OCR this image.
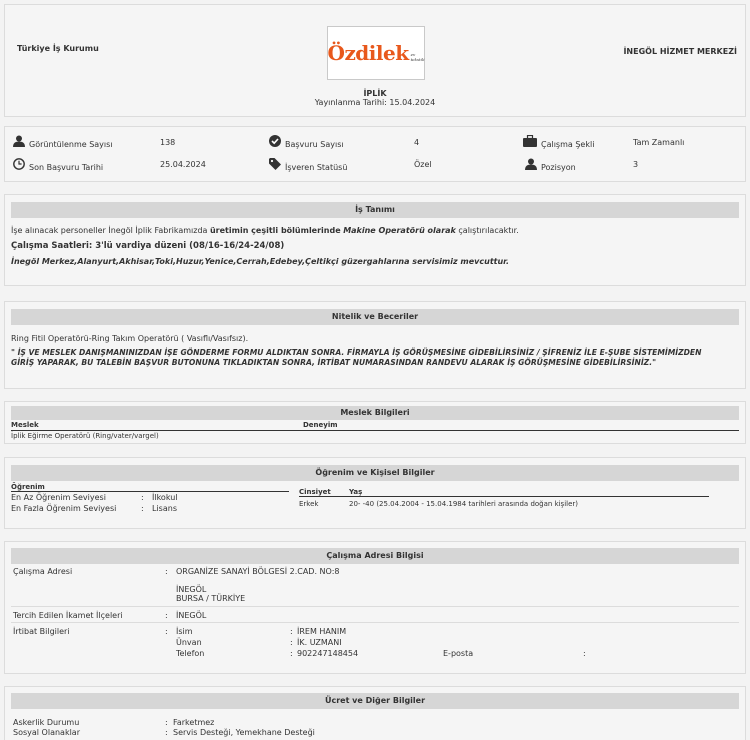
Türkiye İş Kurumu	İNEGÖL HİZMET MERKEZİ
Özdilek ev tekstili
İPLİK
Yayınlanma Tarihi: 15.04.2024
Görüntülenme Sayısı	138	Başvuru Sayısı	4	Çalışma Şekli	Tam Zamanlı
Son Başvuru Tarihi	25.04.2024	İşveren Statüsü	Özel	Pozisyon	3
İş Tanımı
İşe alınacak personeller İnegöl İplik Fabrikamızda üretimin çeşitli bölümlerinde Makine Operatörü olarak çalıştırılacaktır.
Çalışma Saatleri: 3'lü vardiya düzeni (08/16-16/24-24/08)
İnegöl Merkez,Alanyurt,Akhisar,Toki,Huzur,Yenice,Cerrah,Edebey,Çeltikçi güzergahlarına servisimiz mevcuttur.
Nitelik ve Beceriler
Ring Fitil Operatörü-Ring Takım Operatörü ( Vasıflı/Vasıfsız).
" İŞ VE MESLEK DANIŞMANINIZDAN İŞE GÖNDERME FORMU ALDIKTAN SONRA. FİRMAYLA İŞ GÖRÜŞMESİNE GİDEBİLİRSİNİZ / ŞİFRENİZ İLE E-ŞUBE SİSTEMİMİZDEN
GİRİŞ YAPARAK, BU TALEBİN BAŞVUR BUTONUNA TIKLADIKTAN SONRA, İRTİBAT NUMARASINDAN RANDEVU ALARAK İŞ GÖRÜŞMESİNE GİDEBİLİRSİNİZ."
Meslek Bilgileri
Meslek	Deneyim
İplik Eğirme Operatörü (Ring/vater/vargel)
Öğrenim ve Kişisel Bilgiler
Öğrenim
En Az Öğrenim Seviyesi	: İlkokul
En Fazla Öğrenim Seviyesi	: Lisans
Cinsiyet	Yaş
Erkek	20- -40 (25.04.2004 - 15.04.1984 tarihleri arasında doğan kişiler)
Çalışma Adresi Bilgisi
Çalışma Adresi	: ORGANİZE SANAYİ BÖLGESİ 2.CAD. NO:8
İNEGÖL
BURSA / TÜRKİYE
Tercih Edilen İkamet İlçeleri	: İNEGÖL
İrtibat Bilgileri	: İsim	: İREM HANIM
Ünvan	: İK. UZMANI
Telefon	: 902247148454	E-posta	:
Ücret ve Diğer Bilgiler
Askerlik Durumu	: Farketmez
Sosyal Olanaklar	: Servis Desteği, Yemekhane Desteği
